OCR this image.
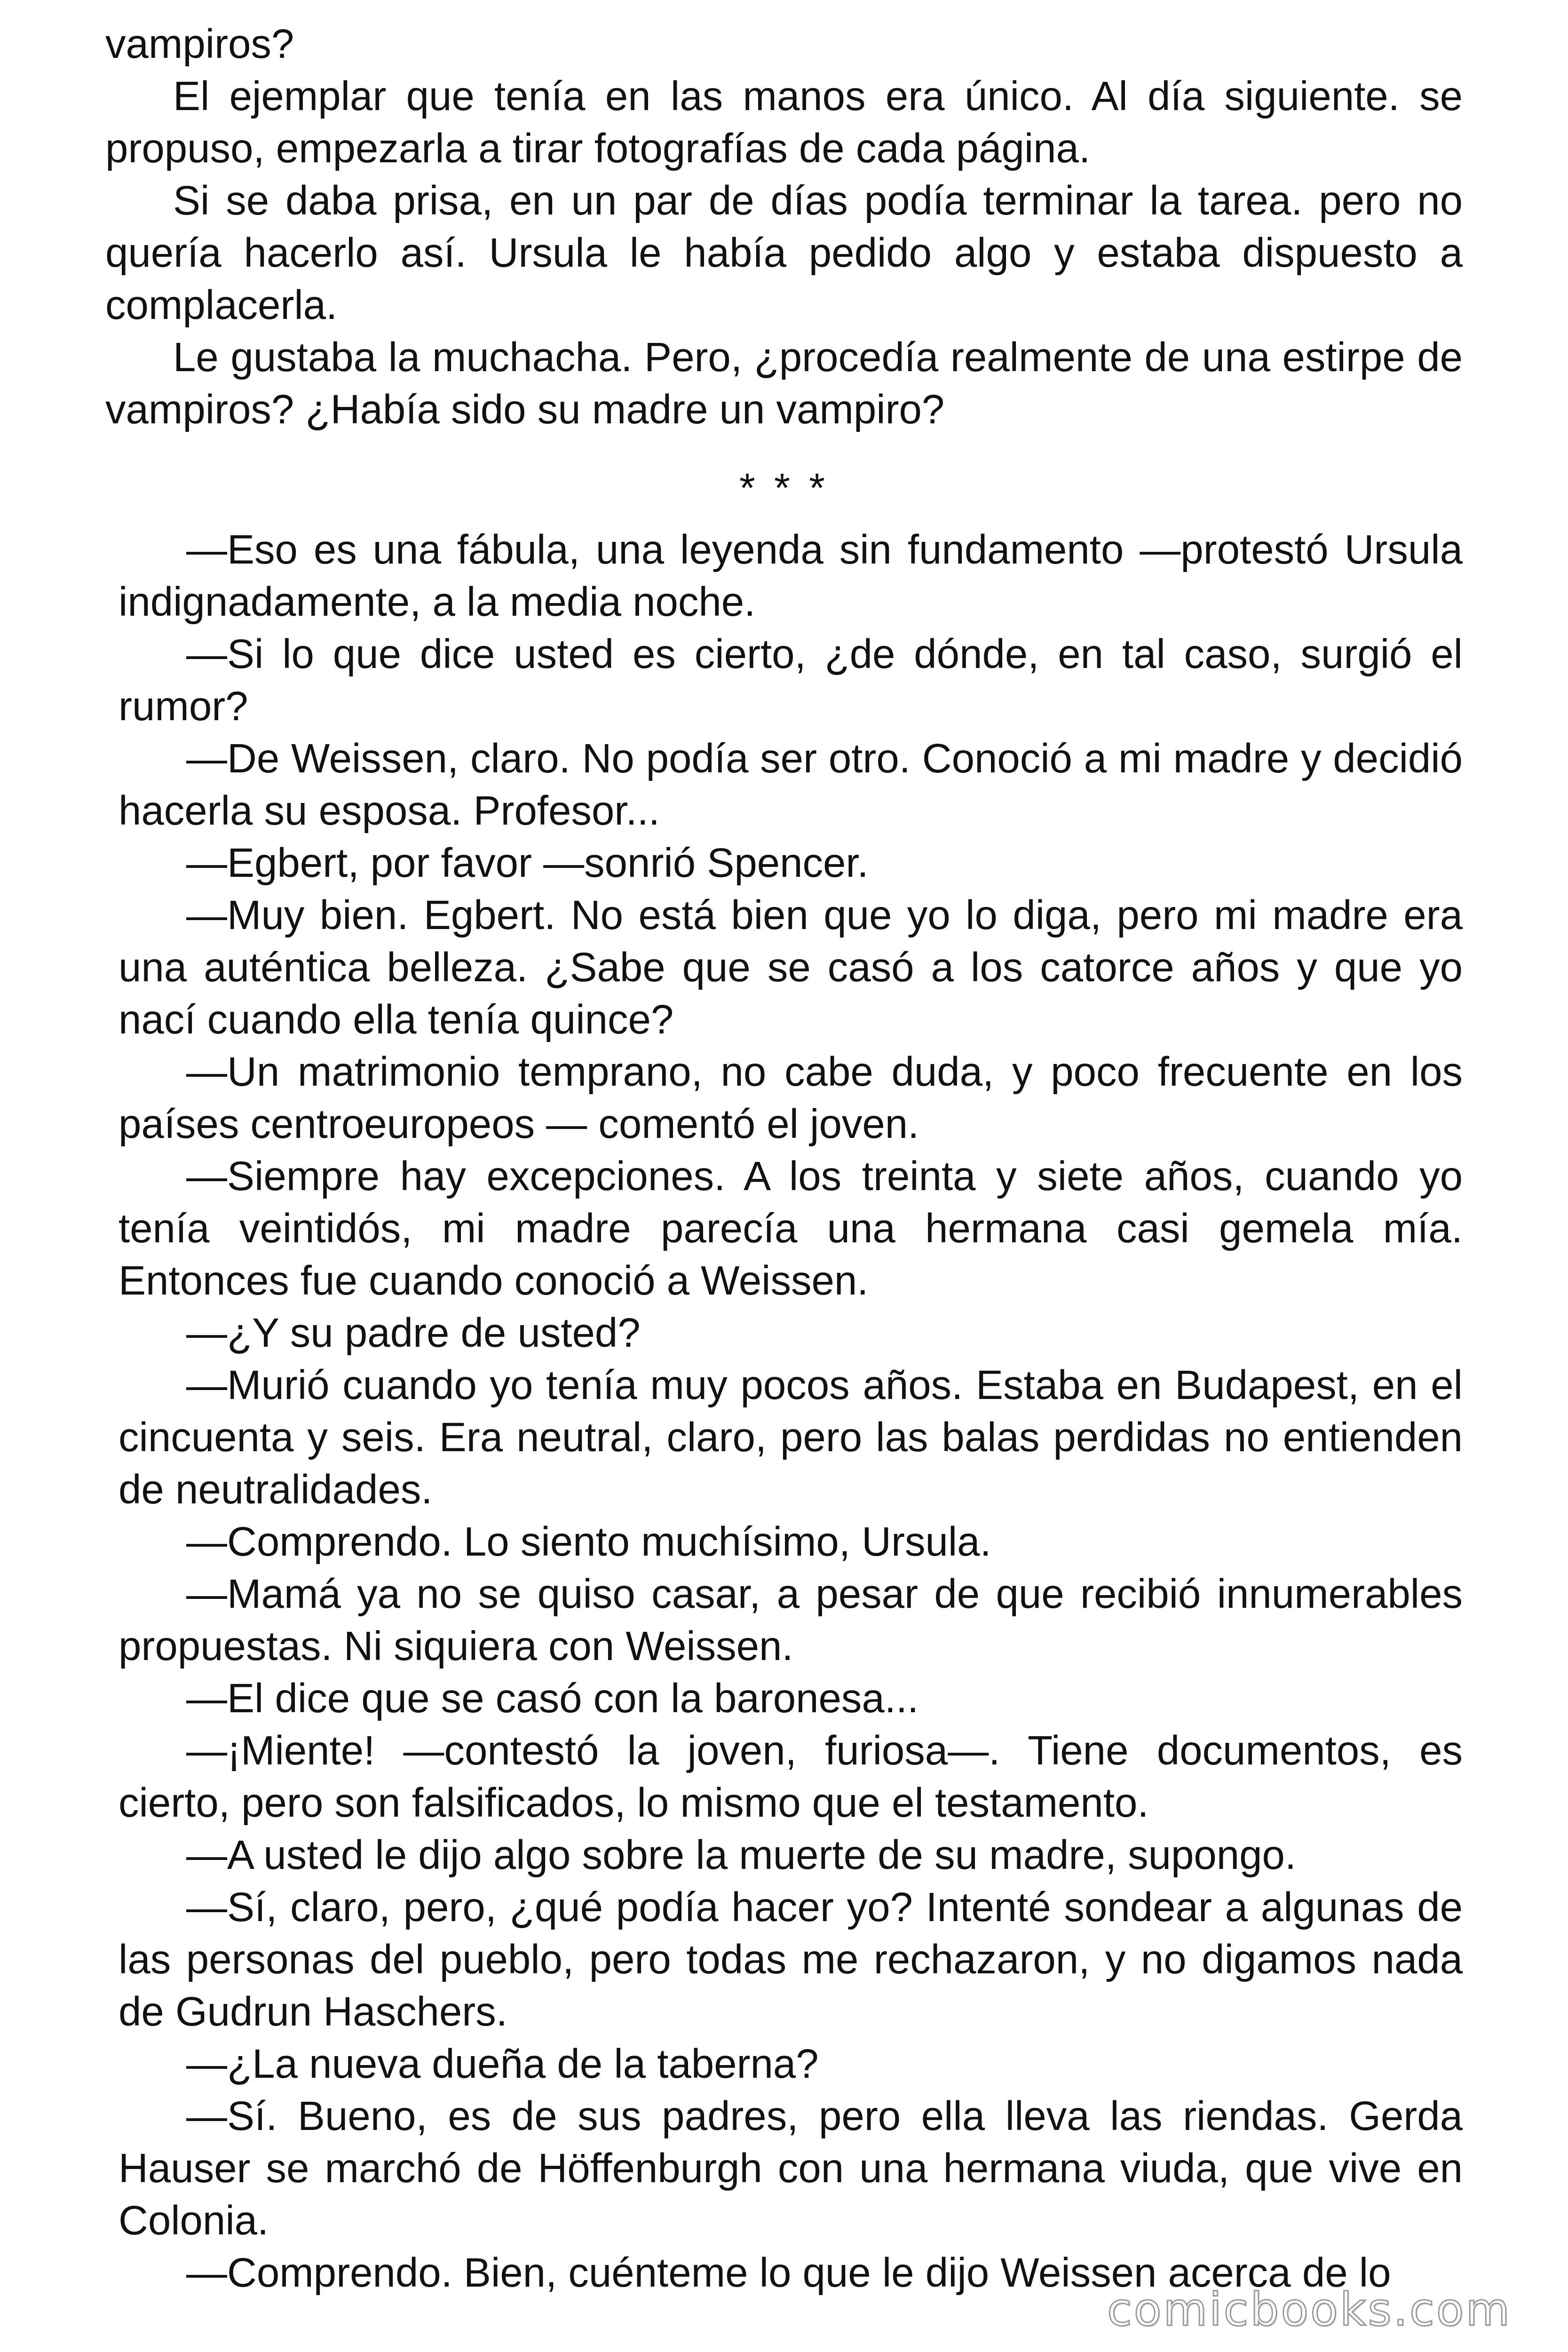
vampiros?

El ejemplar que tenía en las manos era único. Al día siguiente. se propuso, empezarla a tirar fotografías de cada página.

Si se daba prisa, en un par de días podía terminar la tarea. pero no quería hacerlo así. Ursula le había pedido algo y estaba dispuesto a complacerla.

Le gustaba la muchacha. Pero, ¿procedía realmente de una estirpe de vampiros? ¿Había sido su madre un vampiro?

* * *

—Eso es una fábula, una leyenda sin fundamento —protestó Ursula indignadamente, a la media noche.

—Si lo que dice usted es cierto, ¿de dónde, en tal caso, surgió el rumor?

—De Weissen, claro. No podía ser otro. Conoció a mi madre y decidió hacerla su esposa. Profesor...

—Egbert, por favor —sonrió Spencer.

—Muy bien. Egbert. No está bien que yo lo diga, pero mi madre era una auténtica belleza. ¿Sabe que se casó a los catorce años y que yo nací cuando ella tenía quince?

—Un matrimonio temprano, no cabe duda, y poco frecuente en los países centroeuropeos — comentó el joven.

—Siempre hay excepciones. A los treinta y siete años, cuando yo tenía veintidós, mi madre parecía una hermana casi gemela mía. Entonces fue cuando conoció a Weissen.

—¿Y su padre de usted?

—Murió cuando yo tenía muy pocos años. Estaba en Budapest, en el cincuenta y seis. Era neutral, claro, pero las balas perdidas no entienden de neutralidades.

—Comprendo. Lo siento muchísimo, Ursula.

—Mamá ya no se quiso casar, a pesar de que recibió innumerables propuestas. Ni siquiera con Weissen.

—El dice que se casó con la baronesa...

—¡Miente! —contestó la joven, furiosa—. Tiene documentos, es cierto, pero son falsificados, lo mismo que el testamento.

—A usted le dijo algo sobre la muerte de su madre, supongo.

—Sí, claro, pero, ¿qué podía hacer yo? Intenté sondear a algunas de las personas del pueblo, pero todas me rechazaron, y no digamos nada de Gudrun Haschers.

—¿La nueva dueña de la taberna?

—Sí. Bueno, es de sus padres, pero ella lleva las riendas. Gerda Hauser se marchó de Höffenburgh con una hermana viuda, que vive en Colonia.

—Comprendo. Bien, cuénteme lo que le dijo Weissen acerca de lo

comicbooks.com
